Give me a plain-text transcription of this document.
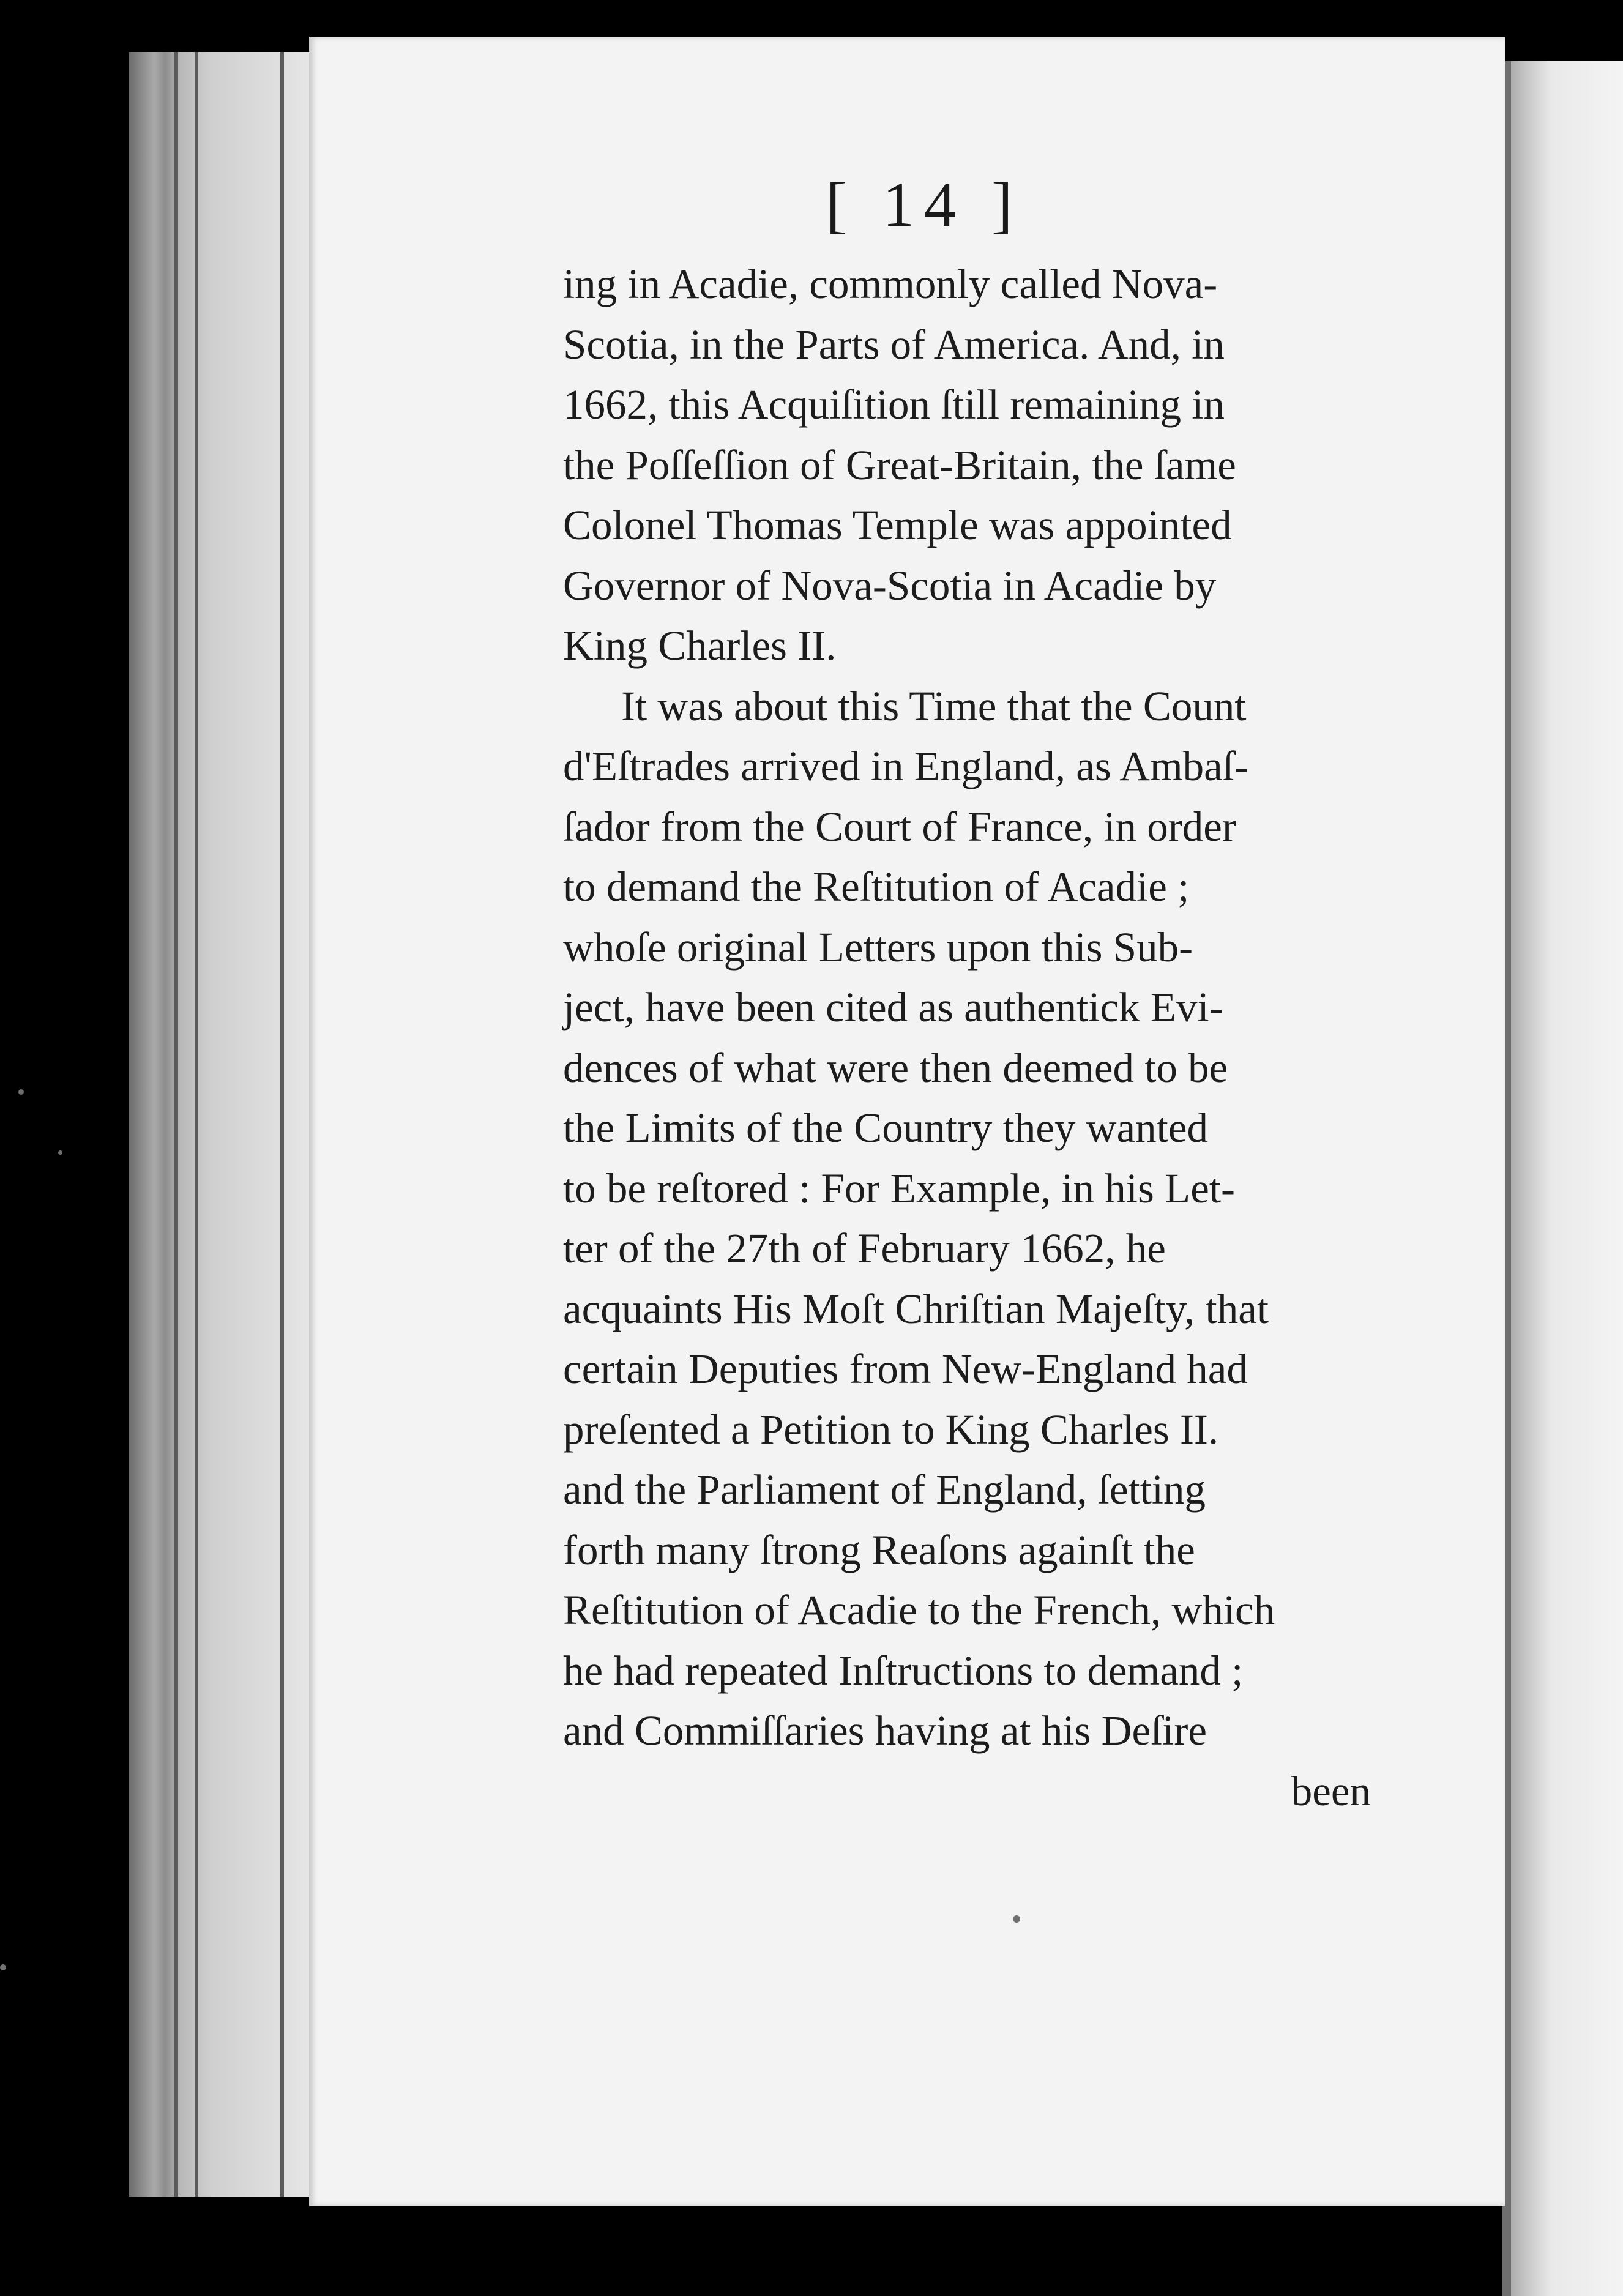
[ 14 ]
ing in Acadie, commonly called Nova-
Scotia, in the Parts of America. And, in
1662, this Acquiſition ſtill remaining in
the Poſſeſſion of Great-Britain, the ſame
Colonel Thomas Temple was appointed
Governor of Nova-Scotia in Acadie by
King Charles II.
It was about this Time that the Count
d'Eſtrades arrived in England, as Ambaſ-
ſador from the Court of France, in order
to demand the Reſtitution of Acadie ;
whoſe original Letters upon this Sub-
ject, have been cited as authentick Evi-
dences of what were then deemed to be
the Limits of the Country they wanted
to be reſtored : For Example, in his Let-
ter of the 27th of February 1662, he
acquaints His Moſt Chriſtian Majeſty, that
certain Deputies from New-England had
preſented a Petition to King Charles II.
and the Parliament of England, ſetting
forth many ſtrong Reaſons againſt the
Reſtitution of Acadie to the French, which
he had repeated Inſtructions to demand ;
and Commiſſaries having at his Deſire
been
